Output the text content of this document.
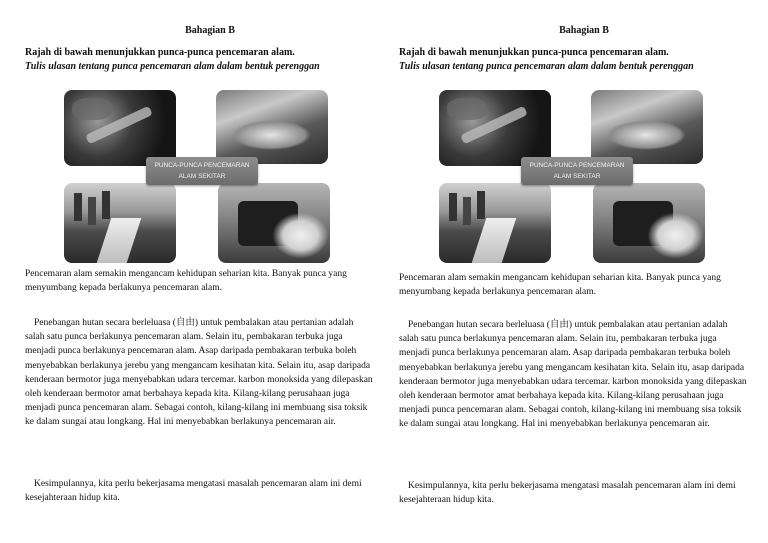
Bahagian B
Rajah di bawah menunjukkan punca-punca pencemaran alam.
Tulis ulasan tentang punca pencemaran alam dalam bentuk perenggan
PUNCA-PUNCA PENCEMARAN
ALAM SEKITAR

Pencemaran alam semakin mengancam kehidupan seharian kita. Banyak punca yang menyumbang kepada berlakunya pencemaran alam.

Penebangan hutan secara berleluasa (自由) untuk pembalakan atau pertanian adalah salah satu punca berlakunya pencemaran alam. Selain itu, pembakaran terbuka juga menjadi punca berlakunya pencemaran alam. Asap daripada pembakaran terbuka boleh menyebabkan berlakunya jerebu yang mengancam kesihatan kita. Selain itu, asap daripada kenderaan bermotor juga menyebabkan udara tercemar. karbon monoksida yang dilepaskan oleh kenderaan bermotor amat berbahaya kepada kita. Kilang-kilang perusahaan juga menjadi punca pencemaran alam. Sebagai contoh, kilang-kilang ini membuang sisa toksik ke dalam sungai atau longkang. Hal ini menyebabkan berlakunya pencemaran air.

Kesimpulannya, kita perlu bekerjasama mengatasi masalah pencemaran alam ini demi kesejahteraan hidup kita.

Bahagian B
Rajah di bawah menunjukkan punca-punca pencemaran alam.
Tulis ulasan tentang punca pencemaran alam dalam bentuk perenggan
PUNCA-PUNCA PENCEMARAN
ALAM SEKITAR

Pencemaran alam semakin mengancam kehidupan seharian kita. Banyak punca yang menyumbang kepada berlakunya pencemaran alam.

Penebangan hutan secara berleluasa (自由) untuk pembalakan atau pertanian adalah salah satu punca berlakunya pencemaran alam. Selain itu, pembakaran terbuka juga menjadi punca berlakunya pencemaran alam. Asap daripada pembakaran terbuka boleh menyebabkan berlakunya jerebu yang mengancam kesihatan kita. Selain itu, asap daripada kenderaan bermotor juga menyebabkan udara tercemar. karbon monoksida yang dilepaskan oleh kenderaan bermotor amat berbahaya kepada kita. Kilang-kilang perusahaan juga menjadi punca pencemaran alam. Sebagai contoh, kilang-kilang ini membuang sisa toksik ke dalam sungai atau longkang. Hal ini menyebabkan berlakunya pencemaran air.

Kesimpulannya, kita perlu bekerjasama mengatasi masalah pencemaran alam ini demi kesejahteraan hidup kita.
